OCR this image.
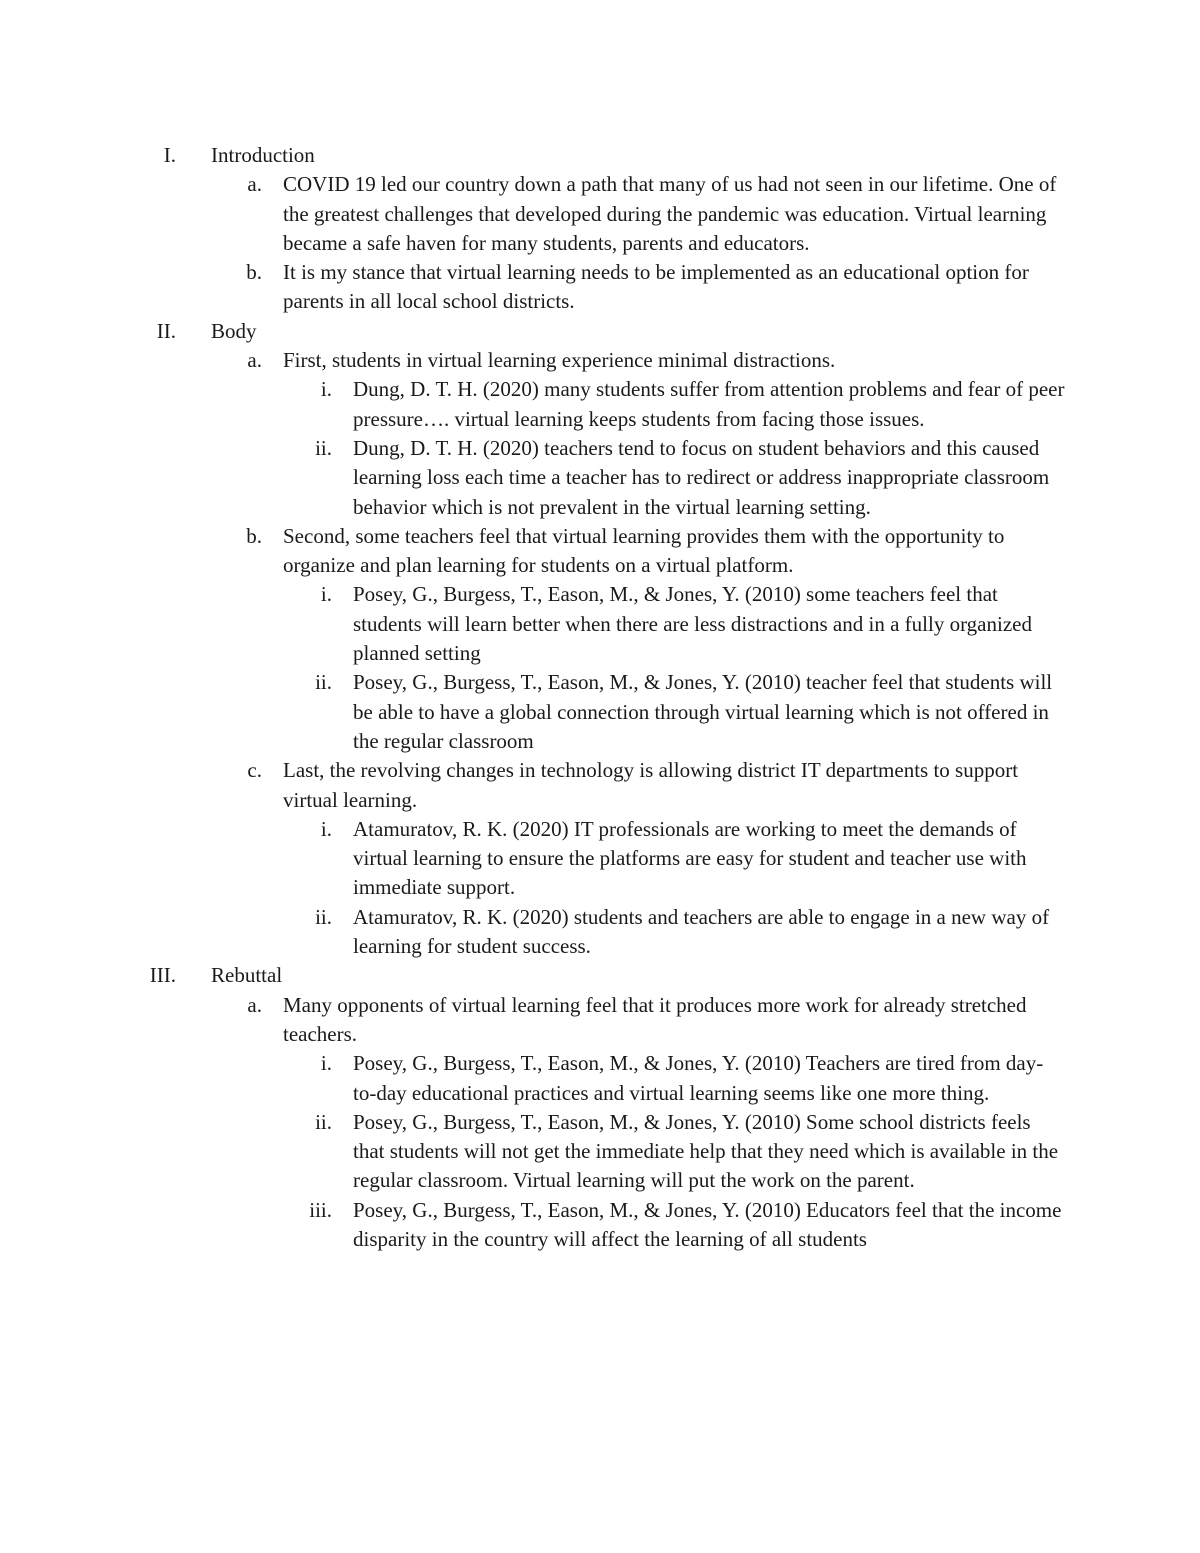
I. Introduction
a. COVID 19 led our country down a path that many of us had not seen in our lifetime. One of the greatest challenges that developed during the pandemic was education. Virtual learning became a safe haven for many students, parents and educators.
b. It is my stance that virtual learning needs to be implemented as an educational option for parents in all local school districts.
II. Body
a. First, students in virtual learning experience minimal distractions.
i. Dung, D. T. H. (2020) many students suffer from attention problems and fear of peer pressure…. virtual learning keeps students from facing those issues.
ii. Dung, D. T. H. (2020) teachers tend to focus on student behaviors and this caused learning loss each time a teacher has to redirect or address inappropriate classroom behavior which is not prevalent in the virtual learning setting.
b. Second, some teachers feel that virtual learning provides them with the opportunity to organize and plan learning for students on a virtual platform.
i. Posey, G., Burgess, T., Eason, M., & Jones, Y. (2010) some teachers feel that students will learn better when there are less distractions and in a fully organized planned setting
ii. Posey, G., Burgess, T., Eason, M., & Jones, Y. (2010) teacher feel that students will be able to have a global connection through virtual learning which is not offered in the regular classroom
c. Last, the revolving changes in technology is allowing district IT departments to support virtual learning.
i. Atamuratov, R. K. (2020) IT professionals are working to meet the demands of virtual learning to ensure the platforms are easy for student and teacher use with immediate support.
ii. Atamuratov, R. K. (2020) students and teachers are able to engage in a new way of learning for student success.
III. Rebuttal
a. Many opponents of virtual learning feel that it produces more work for already stretched teachers.
i. Posey, G., Burgess, T., Eason, M., & Jones, Y. (2010) Teachers are tired from day-to-day educational practices and virtual learning seems like one more thing.
ii. Posey, G., Burgess, T., Eason, M., & Jones, Y. (2010) Some school districts feels that students will not get the immediate help that they need which is available in the regular classroom. Virtual learning will put the work on the parent.
iii. Posey, G., Burgess, T., Eason, M., & Jones, Y. (2010) Educators feel that the income disparity in the country will affect the learning of all students
